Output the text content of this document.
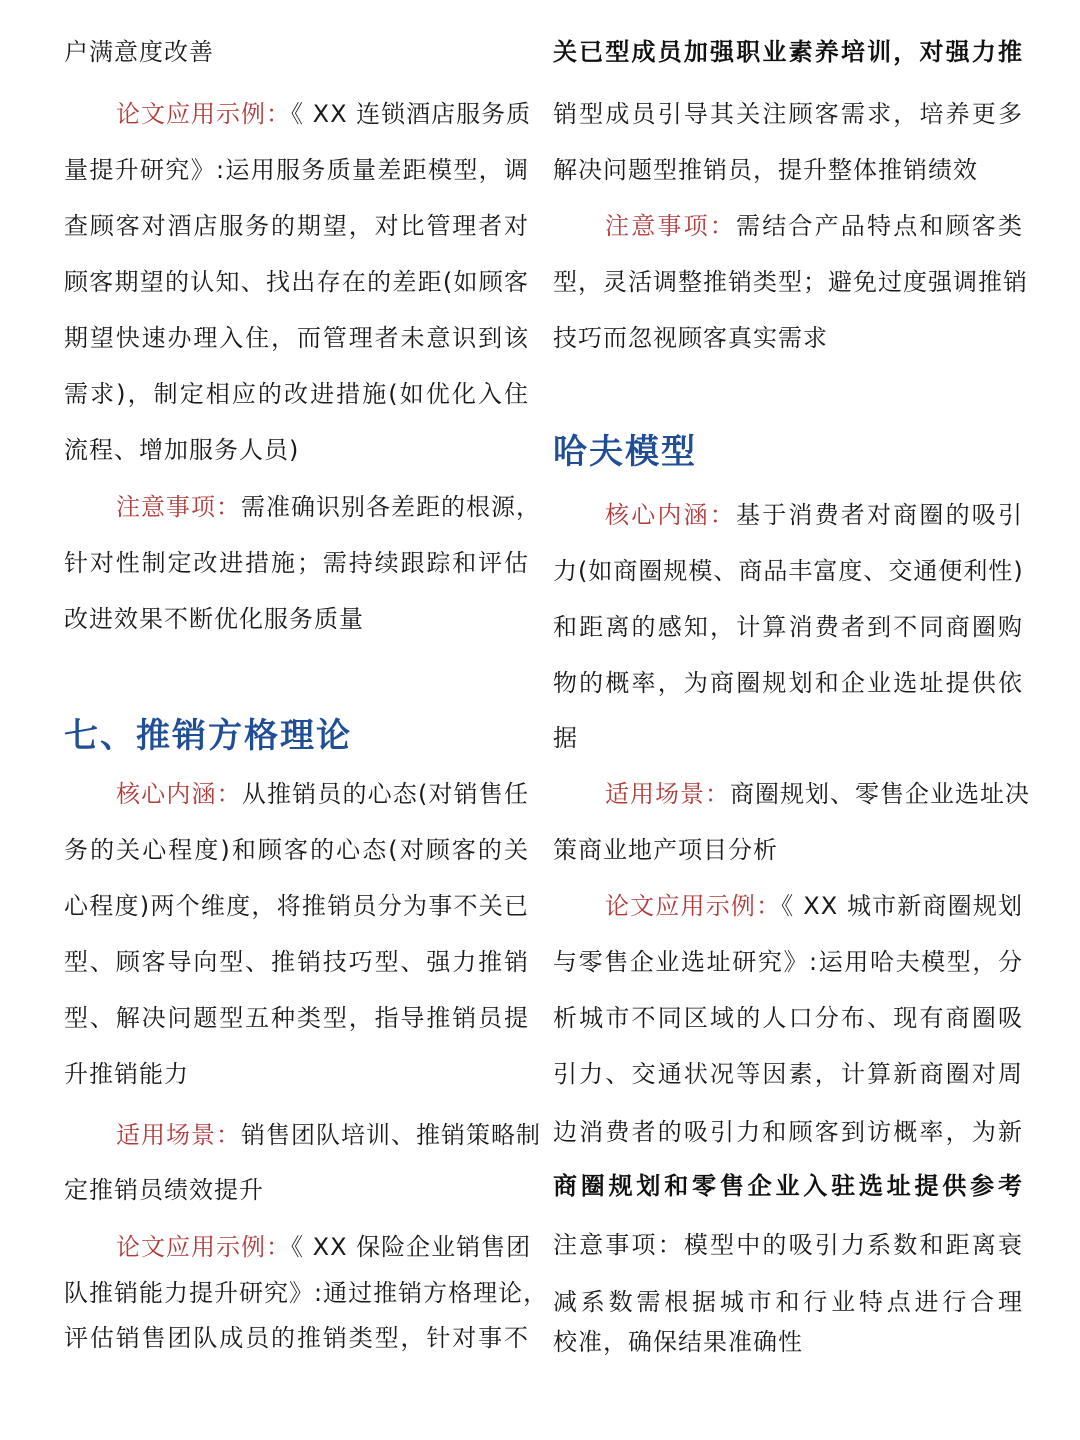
户满意度改善
论文应用示例：《 XX 连锁酒店服务质
量提升研究》:运用服务质量差距模型，调
查顾客对酒店服务的期望，对比管理者对
顾客期望的认知、找出存在的差距(如顾客
期望快速办理入住，而管理者未意识到该
需求)，制定相应的改进措施(如优化入住
流程、增加服务人员)
注意事项：需准确识别各差距的根源，
针对性制定改进措施；需持续跟踪和评估
改进效果不断优化服务质量
七、推销方格理论
核心内涵：从推销员的心态(对销售任
务的关心程度)和顾客的心态(对顾客的关
心程度)两个维度，将推销员分为事不关已
型、顾客导向型、推销技巧型、强力推销
型、解决问题型五种类型，指导推销员提
升推销能力
适用场景：销售团队培训、推销策略制
定推销员绩效提升
论文应用示例：《 XX 保险企业销售团
队推销能力提升研究》:通过推销方格理论，
评估销售团队成员的推销类型，针对事不
关已型成员加强职业素养培训，对强力推
销型成员引导其关注顾客需求，培养更多
解决问题型推销员，提升整体推销绩效
注意事项：需结合产品特点和顾客类
型，灵活调整推销类型；避免过度强调推销
技巧而忽视顾客真实需求
哈夫模型
核心内涵：基于消费者对商圈的吸引
力(如商圈规模、商品丰富度、交通便利性)
和距离的感知，计算消费者到不同商圈购
物的概率，为商圈规划和企业选址提供依
据
适用场景：商圈规划、零售企业选址决
策商业地产项目分析
论文应用示例：《 XX 城市新商圈规划
与零售企业选址研究》:运用哈夫模型，分
析城市不同区域的人口分布、现有商圈吸
引力、交通状况等因素，计算新商圈对周
边消费者的吸引力和顾客到访概率，为新
商圈规划和零售企业入驻选址提供参考
注意事项：模型中的吸引力系数和距离衰
减系数需根据城市和行业特点进行合理
校准，确保结果准确性
